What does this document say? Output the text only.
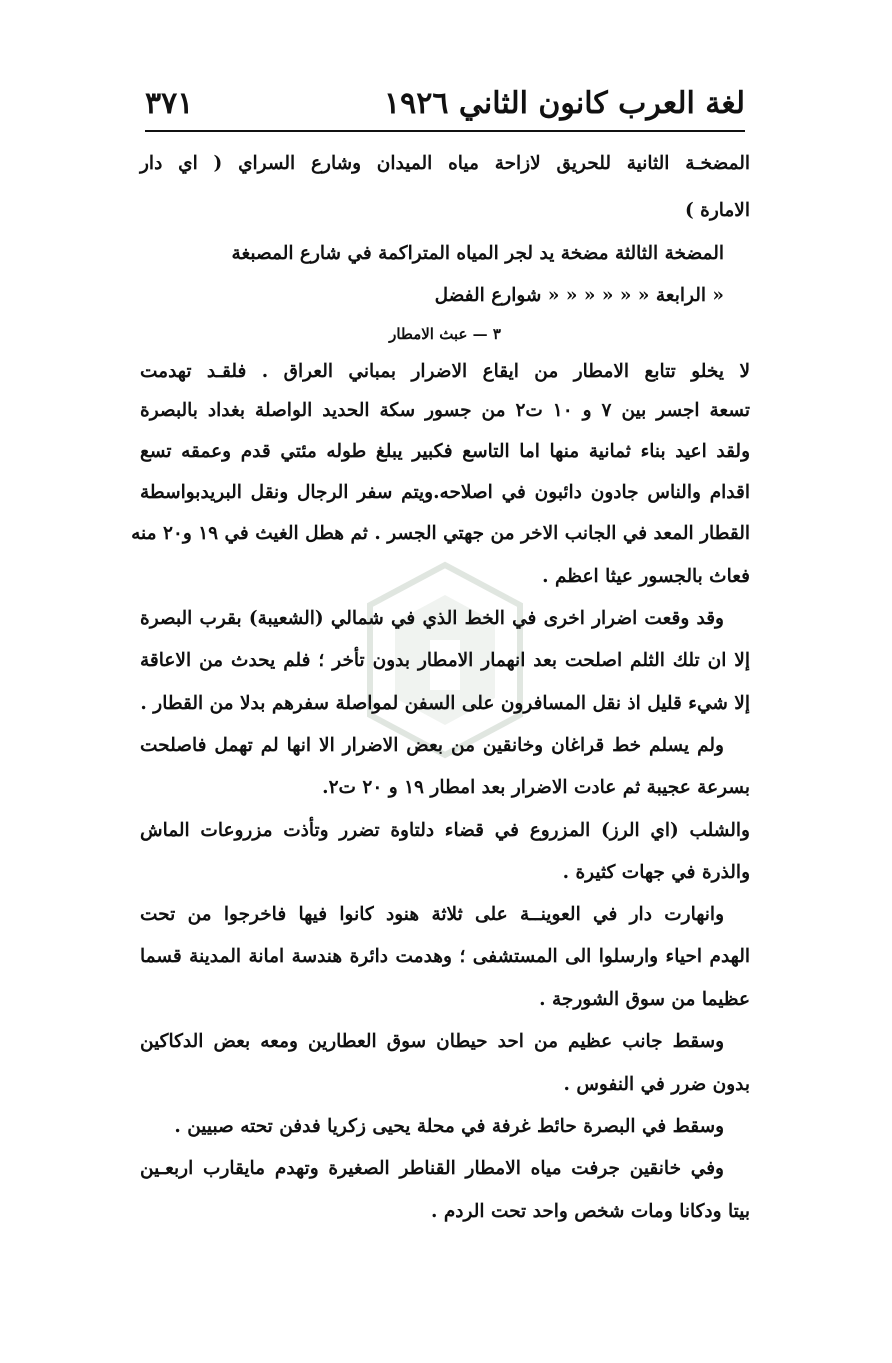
لغة العرب كانون الثاني ١٩٢٦
٣٧١
المضخـة الثانية للحريق لازاحة مياه الميدان وشارع السراي ( اي دار
الامارة )
المضخة الثالثة مضخة يد لجر المياه المتراكمة في شارع المصبغة
« الرابعة « « « « « « شوارع الفضل
٣ — عبث الامطار
لا يخلو تتابع الامطار من ايقاع الاضرار بمباني العراق . فلقـد تهدمت
تسعة اجسر بين ٧ و ١٠ ت٢ من جسور سكة الحديد الواصلة بغداد بالبصرة
ولقد اعيد بناء ثمانية منها اما التاسع فكبير يبلغ طوله مئتي قدم وعمقه تسع
اقدام والناس جادون دائبون في اصلاحه.ويتم سفر الرجال ونقل البريدبواسطة
القطار المعد في الجانب الاخر من جهتي الجسر . ثم هطل الغيث في ١٩ و٢٠ منه
فعاث بالجسور عيثا اعظم .
وقد وقعت اضرار اخرى في الخط الذي في شمالي (الشعيبة) بقرب البصرة
إلا ان تلك الثلم اصلحت بعد انهمار الامطار بدون تأخر ؛ فلم يحدث من الاعاقة
إلا شيء قليل اذ نقل المسافرون على السفن لمواصلة سفرهم بدلا من القطار .
ولم يسلم خط قراغان وخانقين من بعض الاضرار الا انها لم تهمل فاصلحت
بسرعة عجيبة ثم عادت الاضرار بعد امطار ١٩ و ٢٠ ت٢.
والشلب (اي الرز) المزروع في قضاء دلتاوة تضرر وتأذت مزروعات الماش
والذرة في جهات كثيرة .
وانهارت دار في العوينــة على ثلاثة هنود كانوا فيها فاخرجوا من تحت
الهدم احياء وارسلوا الى المستشفى ؛ وهدمت دائرة هندسة امانة المدينة قسما
عظيما من سوق الشورجة .
وسقط جانب عظيم من احد حيطان سوق العطارين ومعه بعض الدكاكين
بدون ضرر في النفوس .
وسقط في البصرة حائط غرفة في محلة يحيى زكريا فدفن تحته صبيين .
وفي خانقين جرفت مياه الامطار القناطر الصغيرة وتهدم مايقارب اربعـين
بيتا ودكانا ومات شخص واحد تحت الردم .
